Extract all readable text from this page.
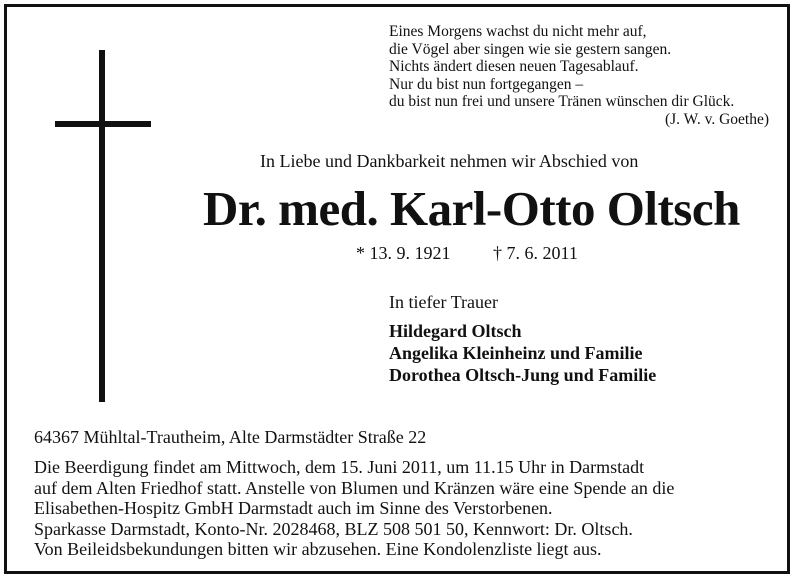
Eines Morgens wachst du nicht mehr auf,
die Vögel aber singen wie sie gestern sangen.
Nichts ändert diesen neuen Tagesablauf.
Nur du bist nun fortgegangen –
du bist nun frei und unsere Tränen wünschen dir Glück.
(J. W. v. Goethe)
In Liebe und Dankbarkeit nehmen wir Abschied von
Dr. med. Karl-Otto Oltsch
* 13. 9. 1921 † 7. 6. 2011
In tiefer Trauer
Hildegard Oltsch
Angelika Kleinheinz und Familie
Dorothea Oltsch-Jung und Familie
64367 Mühltal-Trautheim, Alte Darmstädter Straße 22
Die Beerdigung findet am Mittwoch, dem 15. Juni 2011, um 11.15 Uhr in Darmstadt
auf dem Alten Friedhof statt. Anstelle von Blumen und Kränzen wäre eine Spende an die
Elisabethen-Hospitz GmbH Darmstadt auch im Sinne des Verstorbenen.
Sparkasse Darmstadt, Konto-Nr. 2028468, BLZ 508 501 50, Kennwort: Dr. Oltsch.
Von Beileidsbekundungen bitten wir abzusehen. Eine Kondolenzliste liegt aus.
